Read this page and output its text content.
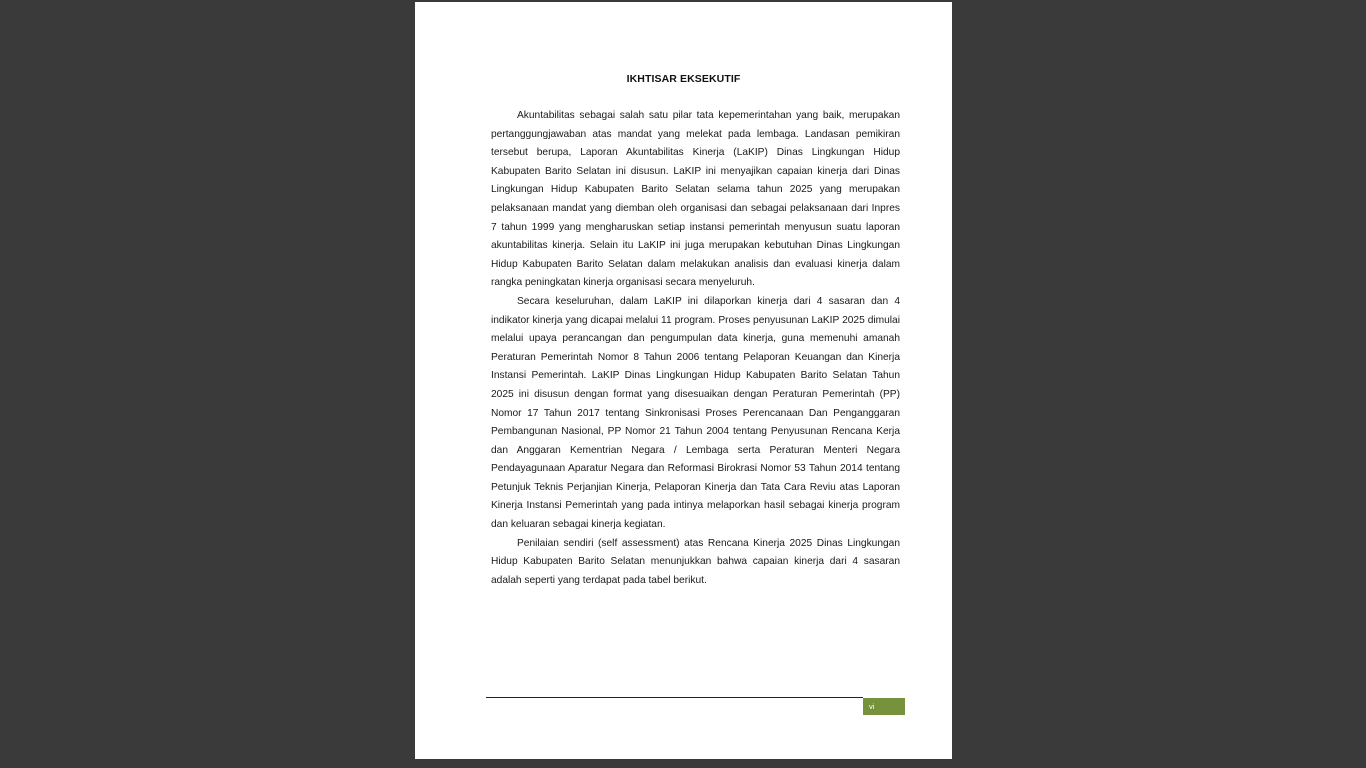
IKHTISAR EKSEKUTIF

Akuntabilitas sebagai salah satu pilar tata kepemerintahan yang baik, merupakan pertanggungjawaban atas mandat yang melekat pada lembaga. Landasan pemikiran tersebut berupa, Laporan Akuntabilitas Kinerja (LaKIP) Dinas Lingkungan Hidup Kabupaten Barito Selatan ini disusun. LaKIP ini menyajikan capaian kinerja dari Dinas Lingkungan Hidup Kabupaten Barito Selatan selama tahun 2025 yang merupakan pelaksanaan mandat yang diemban oleh organisasi dan sebagai pelaksanaan dari Inpres 7 tahun 1999 yang mengharuskan setiap instansi pemerintah menyusun suatu laporan akuntabilitas kinerja. Selain itu LaKIP ini juga merupakan kebutuhan Dinas Lingkungan Hidup Kabupaten Barito Selatan dalam melakukan analisis dan evaluasi kinerja dalam rangka peningkatan kinerja organisasi secara menyeluruh.

Secara keseluruhan, dalam LaKIP ini dilaporkan kinerja dari 4 sasaran dan 4 indikator kinerja yang dicapai melalui 11 program. Proses penyusunan LaKIP 2025 dimulai melalui upaya perancangan dan pengumpulan data kinerja, guna memenuhi amanah Peraturan Pemerintah Nomor 8 Tahun 2006 tentang Pelaporan Keuangan dan Kinerja Instansi Pemerintah. LaKIP Dinas Lingkungan Hidup Kabupaten Barito Selatan Tahun 2025 ini disusun dengan format yang disesuaikan dengan Peraturan Pemerintah (PP) Nomor 17 Tahun 2017 tentang Sinkronisasi Proses Perencanaan Dan Penganggaran Pembangunan Nasional, PP Nomor 21 Tahun 2004 tentang Penyusunan Rencana Kerja dan Anggaran Kementrian Negara / Lembaga serta Peraturan Menteri Negara Pendayagunaan Aparatur Negara dan Reformasi Birokrasi Nomor 53 Tahun 2014 tentang Petunjuk Teknis Perjanjian Kinerja, Pelaporan Kinerja dan Tata Cara Reviu atas Laporan Kinerja Instansi Pemerintah yang pada intinya melaporkan hasil sebagai kinerja program dan keluaran sebagai kinerja kegiatan.

Penilaian sendiri (self assessment) atas Rencana Kinerja 2025 Dinas Lingkungan Hidup Kabupaten Barito Selatan menunjukkan bahwa capaian kinerja dari 4 sasaran adalah seperti yang terdapat pada tabel berikut.

vi
